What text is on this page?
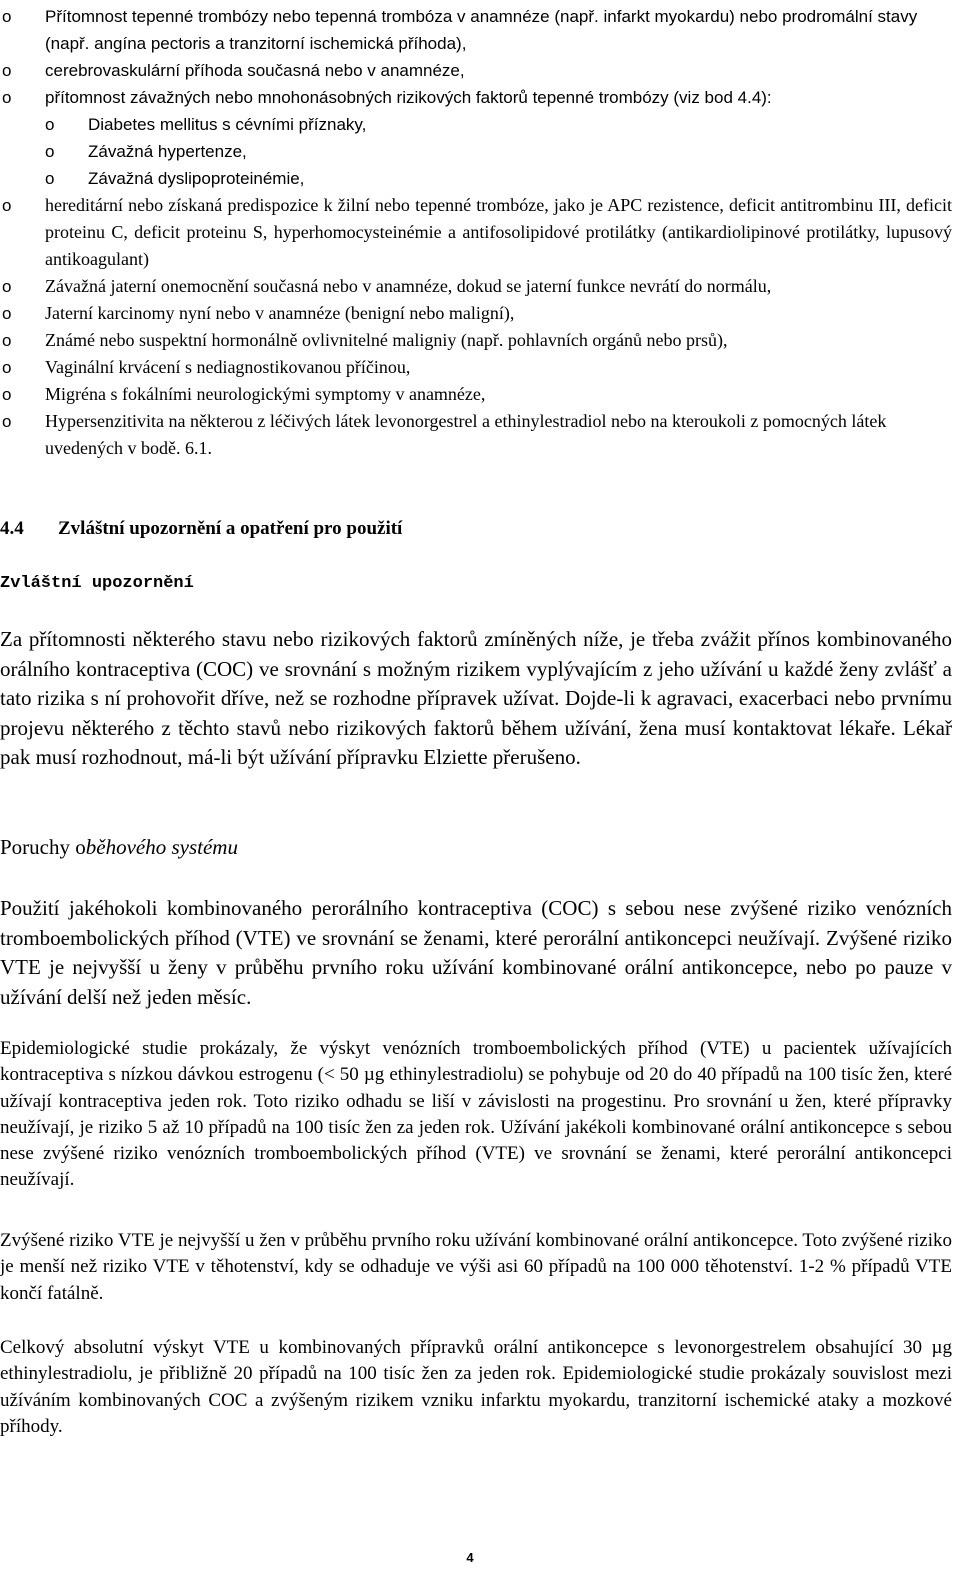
o	Přítomnost tepenné trombózy nebo tepenná trombóza v anamnéze (např. infarkt myokardu) nebo prodromální stavy (např. angína pectoris a tranzitorní ischemická příhoda),
o	cerebrovaskulární příhoda současná nebo v anamnéze,
o	přítomnost závažných nebo mnohonásobných rizikových faktorů tepenné trombózy (viz bod 4.4):
o	Diabetes mellitus s cévními příznaky,
o	Závažná hypertenze,
o	Závažná dyslipoproteinémie,
o	hereditární nebo získaná predispozice k žilní nebo tepenné trombóze, jako je APC rezistence, deficit antitrombinu III, deficit proteinu C, deficit proteinu S, hyperhomocysteinémie a antifosolipidové protilátky (antikardiolipinové protilátky, lupusový antikoagulant)
o	Závažná jaterní onemocnění současná nebo v anamnéze, dokud se jaterní funkce nevrátí do normálu,
o	Jaterní karcinomy nyní nebo v anamnéze (benigní nebo maligní),
o	Známé nebo suspektní hormonálně ovlivnitelné maligniy (např. pohlavních orgánů nebo prsů),
o	Vaginální krvácení s nediagnostikovanou příčinou,
o	Migréna s fokálními neurologickými symptomy v anamnéze,
o	Hypersenzitivita na některou z léčivých látek levonorgestrel a ethinylestradiol nebo na kteroukoli z pomocných látek uvedených v bodě. 6.1.
4.4 Zvláštní upozornění a opatření pro použití
Zvláštní upozornění

Za přítomnosti některého stavu nebo rizikových faktorů zmíněných níže, je třeba zvážit přínos kombinovaného orálního kontraceptiva (COC) ve srovnání s možným rizikem vyplývajícím z jeho užívání u každé ženy zvlášť a tato rizika s ní prohovořit dříve, než se rozhodne přípravek užívat. Dojde-li k agravaci, exacerbaci nebo prvnímu projevu některého z těchto stavů nebo rizikových faktorů během užívání, žena musí kontaktovat lékaře. Lékař pak musí rozhodnout, má-li být užívání přípravku Elziette přerušeno.

Poruchy oběhového systému

Použití jakéhokoli kombinovaného perorálního kontraceptiva (COC) s sebou nese zvýšené riziko venózních tromboembolických příhod (VTE) ve srovnání se ženami, které perorální antikoncepci neužívají. Zvýšené riziko VTE je nejvyšší u ženy v průběhu prvního roku užívání kombinované orální antikoncepce, nebo po pauze v užívání delší než jeden měsíc.

Epidemiologické studie prokázaly, že výskyt venózních tromboembolických příhod (VTE) u pacientek užívajících kontraceptiva s nízkou dávkou estrogenu (< 50 µg ethinylestradiolu) se pohybuje od 20 do 40 případů na 100 tisíc žen, které užívají kontraceptiva jeden rok. Toto riziko odhadu se liší v závislosti na progestinu. Pro srovnání u žen, které přípravky neužívají, je riziko 5 až 10 případů na 100 tisíc žen za jeden rok. Užívání jakékoli kombinované orální antikoncepce s sebou nese zvýšené riziko venózních tromboembolických příhod (VTE) ve srovnání se ženami, které perorální antikoncepci neužívají.

Zvýšené riziko VTE je nejvyšší u žen v průběhu prvního roku užívání kombinované orální antikoncepce. Toto zvýšené riziko je menší než riziko VTE v těhotenství, kdy se odhaduje ve výši asi 60 případů na 100 000 těhotenství. 1-2 % případů VTE končí fatálně.

Celkový absolutní výskyt VTE u kombinovaných přípravků orální antikoncepce s levonorgestrelem obsahující 30 µg ethinylestradiolu, je přibližně 20 případů na 100 tisíc žen za jeden rok. Epidemiologické studie prokázaly souvislost mezi užíváním kombinovaných COC a zvýšeným rizikem vzniku infarktu myokardu, tranzitorní ischemické ataky a mozkové příhody.

4
